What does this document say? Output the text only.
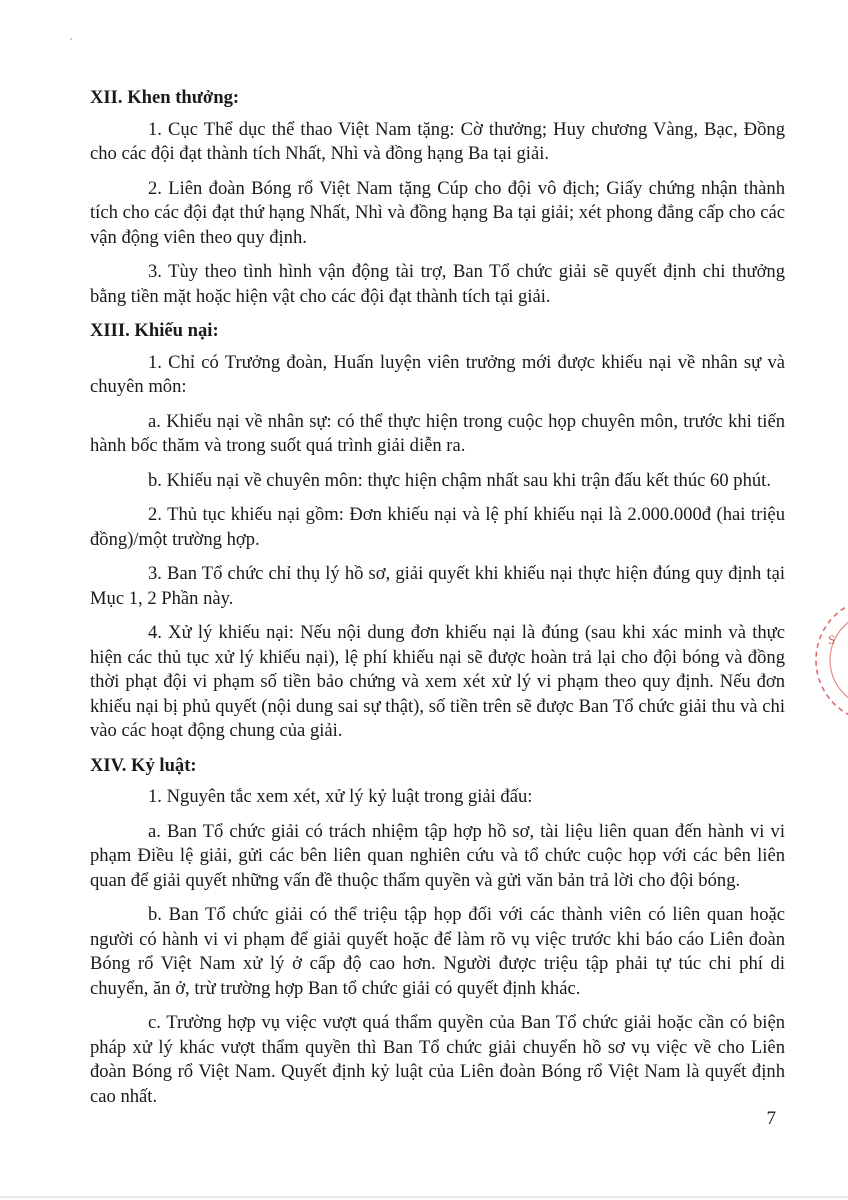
XII. Khen thưởng:

1. Cục Thể dục thể thao Việt Nam tặng: Cờ thưởng; Huy chương Vàng, Bạc, Đồng cho các đội đạt thành tích Nhất, Nhì và đồng hạng Ba tại giải.

2. Liên đoàn Bóng rổ Việt Nam tặng Cúp cho đội vô địch; Giấy chứng nhận thành tích cho các đội đạt thứ hạng Nhất, Nhì và đồng hạng Ba tại giải; xét phong đẳng cấp cho các vận động viên theo quy định.

3. Tùy theo tình hình vận động tài trợ, Ban Tổ chức giải sẽ quyết định chi thưởng bằng tiền mặt hoặc hiện vật cho các đội đạt thành tích tại giải.

XIII. Khiếu nại:

1. Chỉ có Trưởng đoàn, Huấn luyện viên trưởng mới được khiếu nại về nhân sự và chuyên môn:

a. Khiếu nại về nhân sự: có thể thực hiện trong cuộc họp chuyên môn, trước khi tiến hành bốc thăm và trong suốt quá trình giải diễn ra.

b. Khiếu nại về chuyên môn: thực hiện chậm nhất sau khi trận đấu kết thúc 60 phút.

2. Thủ tục khiếu nại gồm: Đơn khiếu nại và lệ phí khiếu nại là 2.000.000đ (hai triệu đồng)/một trường hợp.

3. Ban Tổ chức chỉ thụ lý hồ sơ, giải quyết khi khiếu nại thực hiện đúng quy định tại Mục 1, 2 Phần này.

4. Xử lý khiếu nại: Nếu nội dung đơn khiếu nại là đúng (sau khi xác minh và thực hiện các thủ tục xử lý khiếu nại), lệ phí khiếu nại sẽ được hoàn trả lại cho đội bóng và đồng thời phạt đội vi phạm số tiền bảo chứng và xem xét xử lý vi phạm theo quy định. Nếu đơn khiếu nại bị phủ quyết (nội dung sai sự thật), số tiền trên sẽ được Ban Tổ chức giải thu và chi vào các hoạt động chung của giải.

XIV. Kỷ luật:

1. Nguyên tắc xem xét, xử lý kỷ luật trong giải đấu:

a. Ban Tổ chức giải có trách nhiệm tập hợp hồ sơ, tài liệu liên quan đến hành vi vi phạm Điều lệ giải, gửi các bên liên quan nghiên cứu và tổ chức cuộc họp với các bên liên quan để giải quyết những vấn đề thuộc thẩm quyền và gửi văn bản trả lời cho đội bóng.

b. Ban Tổ chức giải có thể triệu tập họp đối với các thành viên có liên quan hoặc người có hành vi vi phạm để giải quyết hoặc để làm rõ vụ việc trước khi báo cáo Liên đoàn Bóng rổ Việt Nam xử lý ở cấp độ cao hơn. Người được triệu tập phải tự túc chi phí di chuyển, ăn ở, trừ trường hợp Ban tổ chức giải có quyết định khác.

c. Trường hợp vụ việc vượt quá thẩm quyền của Ban Tổ chức giải hoặc cần có biện pháp xử lý khác vượt thẩm quyền thì Ban Tổ chức giải chuyển hồ sơ vụ việc về cho Liên đoàn Bóng rổ Việt Nam. Quyết định kỷ luật của Liên đoàn Bóng rổ Việt Nam là quyết định cao nhất.

S
7
